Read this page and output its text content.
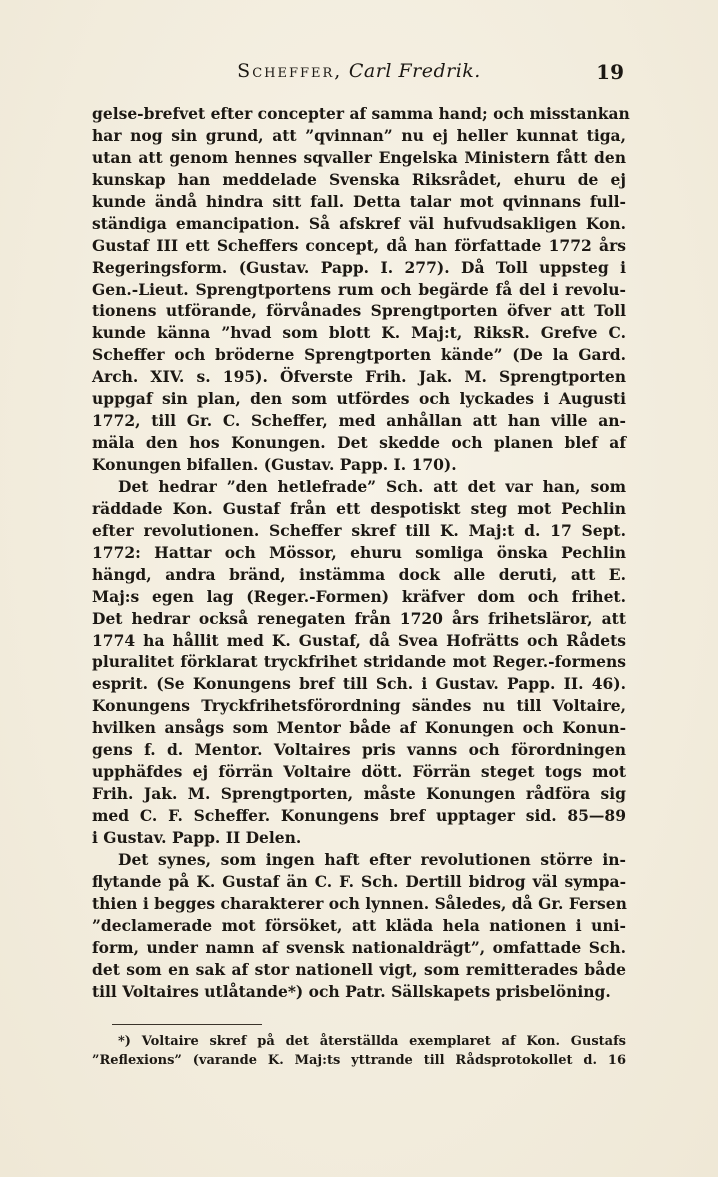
Scheffer, Carl Fredrik.	19
gelse-brefvet efter concepter af samma hand; och misstankan
har nog sin grund, att ”qvinnan” nu ej heller kunnat tiga,
utan att genom hennes sqvaller Engelska Ministern fått den
kunskap han meddelade Svenska Riksrådet, ehuru de ej
kunde ändå hindra sitt fall. Detta talar mot qvinnans full-
ständiga emancipation. Så afskref väl hufvudsakligen Kon.
Gustaf III ett Scheffers concept, då han författade 1772 års
Regeringsform. (Gustav. Papp. I. 277). Då Toll uppsteg i
Gen.-Lieut. Sprengtportens rum och begärde få del i revolu-
tionens utförande, förvånades Sprengtporten öfver att Toll
kunde känna ”hvad som blott K. Maj:t, RiksR. Grefve C.
Scheffer och bröderne Sprengtporten kände” (De la Gard.
Arch. XIV. s. 195). Öfverste Frih. Jak. M. Sprengtporten
uppgaf sin plan, den som utfördes och lyckades i Augusti
1772, till Gr. C. Scheffer, med anhållan att han ville an-
mäla den hos Konungen. Det skedde och planen blef af
Konungen bifallen. (Gustav. Papp. I. 170).
Det hedrar ”den hetlefrade” Sch. att det var han, som
räddade Kon. Gustaf från ett despotiskt steg mot Pechlin
efter revolutionen. Scheffer skref till K. Maj:t d. 17 Sept.
1772: Hattar och Mössor, ehuru somliga önska Pechlin
hängd, andra bränd, instämma dock alle deruti, att E.
Maj:s egen lag (Reger.-Formen) kräfver dom och frihet.
Det hedrar också renegaten från 1720 års frihetsläror, att
1774 ha hållit med K. Gustaf, då Svea Hofrätts och Rådets
pluralitet förklarat tryckfrihet stridande mot Reger.-formens
esprit. (Se Konungens bref till Sch. i Gustav. Papp. II. 46).
Konungens Tryckfrihetsförordning sändes nu till Voltaire,
hvilken ansågs som Mentor både af Konungen och Konun-
gens f. d. Mentor. Voltaires pris vanns och förordningen
upphäfdes ej förrän Voltaire dött. Förrän steget togs mot
Frih. Jak. M. Sprengtporten, måste Konungen rådföra sig
med C. F. Scheffer. Konungens bref upptager sid. 85—89
i Gustav. Papp. II Delen.
Det synes, som ingen haft efter revolutionen större in-
flytande på K. Gustaf än C. F. Sch. Dertill bidrog väl sympa-
thien i begges charakterer och lynnen. Således, då Gr. Fersen
”declamerade mot försöket, att kläda hela nationen i uni-
form, under namn af svensk nationaldrägt”, omfattade Sch.
det som en sak af stor nationell vigt, som remitterades både
till Voltaires utlåtande*) och Patr. Sällskapets prisbelöning.
*) Voltaire skref på det återställda exemplaret af Kon. Gustafs
”Reflexions” (varande K. Maj:ts yttrande till Rådsprotokollet d. 16
